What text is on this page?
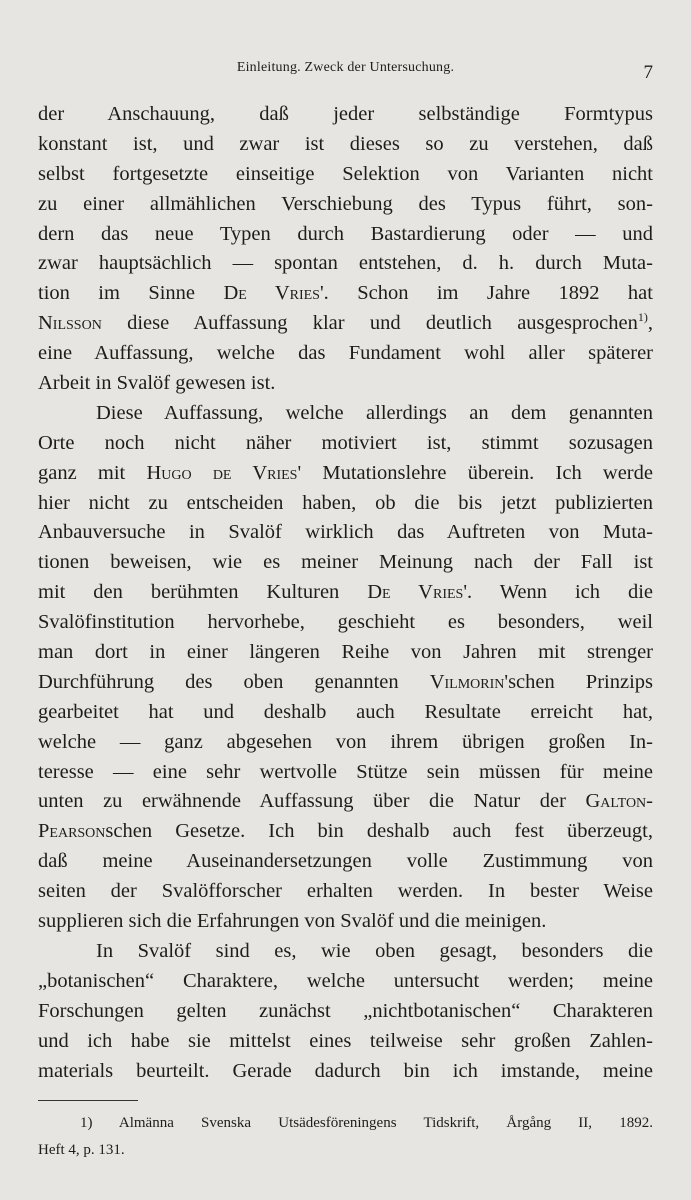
Einleitung. Zweck der Untersuchung.	7
der Anschauung, daß jeder selbständige Formtypus
konstant ist, und zwar ist dieses so zu verstehen, daß
selbst fortgesetzte einseitige Selektion von Varianten nicht
zu einer allmählichen Verschiebung des Typus führt, son-
dern das neue Typen durch Bastardierung oder — und
zwar hauptsächlich — spontan entstehen, d. h. durch Muta-
tion im Sinne De Vries'. Schon im Jahre 1892 hat
Nilsson diese Auffassung klar und deutlich ausgesprochen$^{1)}$,
eine Auffassung, welche das Fundament wohl aller späterer
Arbeit in Svalöf gewesen ist.
Diese Auffassung, welche allerdings an dem genannten
Orte noch nicht näher motiviert ist, stimmt sozusagen
ganz mit Hugo de Vries' Mutationslehre überein. Ich werde
hier nicht zu entscheiden haben, ob die bis jetzt publizierten
Anbauversuche in Svalöf wirklich das Auftreten von Muta-
tionen beweisen, wie es meiner Meinung nach der Fall ist
mit den berühmten Kulturen De Vries'. Wenn ich die
Svalöfinstitution hervorhebe, geschieht es besonders, weil
man dort in einer längeren Reihe von Jahren mit strenger
Durchführung des oben genannten Vilmorin'schen Prinzips
gearbeitet hat und deshalb auch Resultate erreicht hat,
welche — ganz abgesehen von ihrem übrigen großen In-
teresse — eine sehr wertvolle Stütze sein müssen für meine
unten zu erwähnende Auffassung über die Natur der Galton-
Pearsonschen Gesetze. Ich bin deshalb auch fest überzeugt,
daß meine Auseinandersetzungen volle Zustimmung von
seiten der Svalöfforscher erhalten werden. In bester Weise
supplieren sich die Erfahrungen von Svalöf und die meinigen.
In Svalöf sind es, wie oben gesagt, besonders die
„botanischen“ Charaktere, welche untersucht werden; meine
Forschungen gelten zunächst „nichtbotanischen“ Charakteren
und ich habe sie mittelst eines teilweise sehr großen Zahlen-
materials beurteilt. Gerade dadurch bin ich imstande, meine
1) Almänna Svenska Utsädesföreningens Tidskrift, Årgång II, 1892.
Heft 4, p. 131.
